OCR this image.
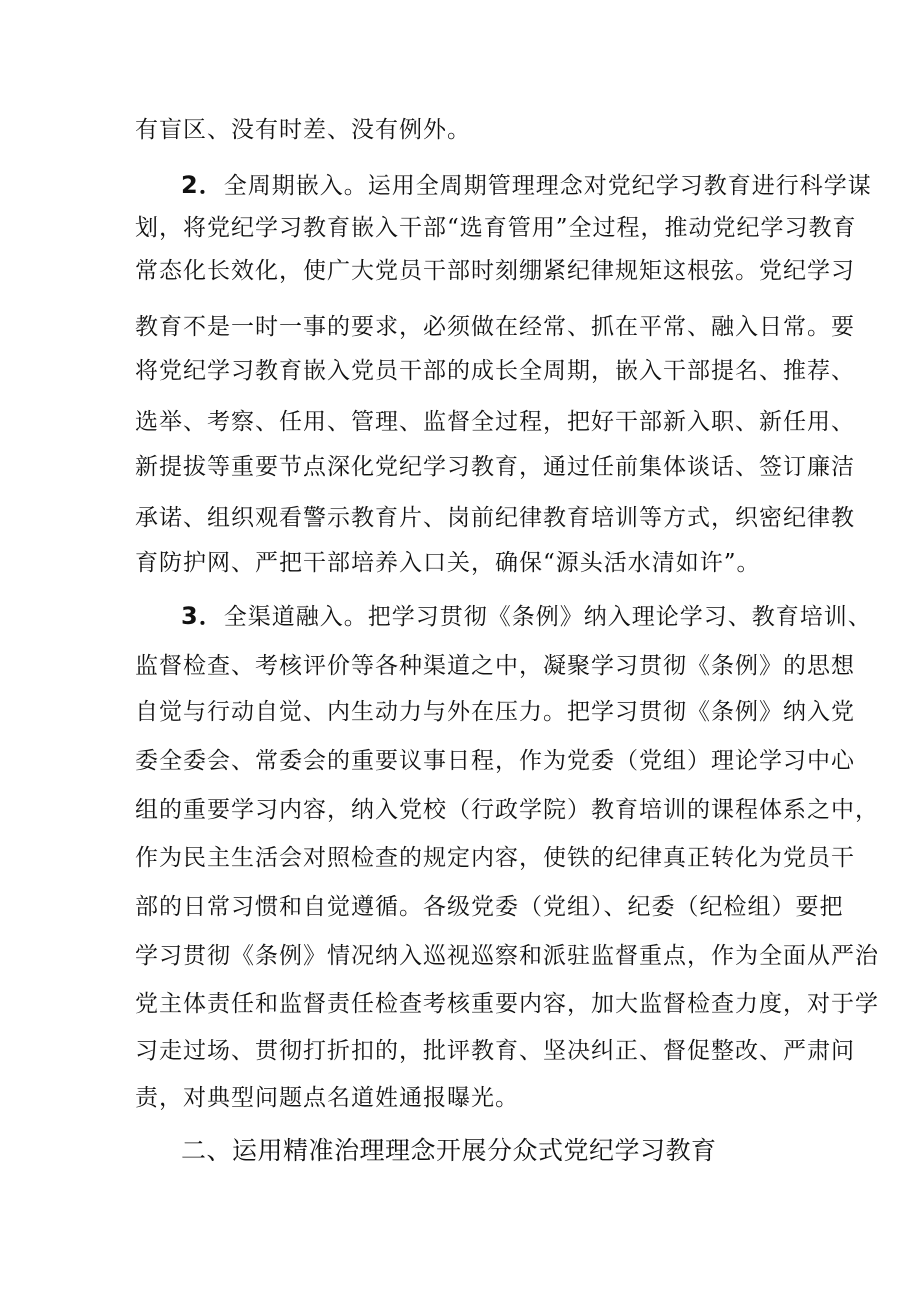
有盲区、没有时差、没有例外。
2．全周期嵌入。运用全周期管理理念对党纪学习教育进行科学谋
划，将党纪学习教育嵌入干部“选育管用”全过程，推动党纪学习教育
常态化长效化，使广大党员干部时刻绷紧纪律规矩这根弦。党纪学习
教育不是一时一事的要求，必须做在经常、抓在平常、融入日常。要
将党纪学习教育嵌入党员干部的成长全周期，嵌入干部提名、推荐、
选举、考察、任用、管理、监督全过程，把好干部新入职、新任用、
新提拔等重要节点深化党纪学习教育，通过任前集体谈话、签订廉洁
承诺、组织观看警示教育片、岗前纪律教育培训等方式，织密纪律教
育防护网、严把干部培养入口关，确保“源头活水清如许”。
3．全渠道融入。把学习贯彻《条例》纳入理论学习、教育培训、
监督检查、考核评价等各种渠道之中，凝聚学习贯彻《条例》的思想
自觉与行动自觉、内生动力与外在压力。把学习贯彻《条例》纳入党
委全委会、常委会的重要议事日程，作为党委（党组）理论学习中心
组的重要学习内容，纳入党校（行政学院）教育培训的课程体系之中，
作为民主生活会对照检查的规定内容，使铁的纪律真正转化为党员干
部的日常习惯和自觉遵循。各级党委（党组）、纪委（纪检组）要把
学习贯彻《条例》情况纳入巡视巡察和派驻监督重点，作为全面从严治
党主体责任和监督责任检查考核重要内容，加大监督检查力度，对于学
习走过场、贯彻打折扣的，批评教育、坚决纠正、督促整改、严肃问
责，对典型问题点名道姓通报曝光。
二、运用精准治理理念开展分众式党纪学习教育
